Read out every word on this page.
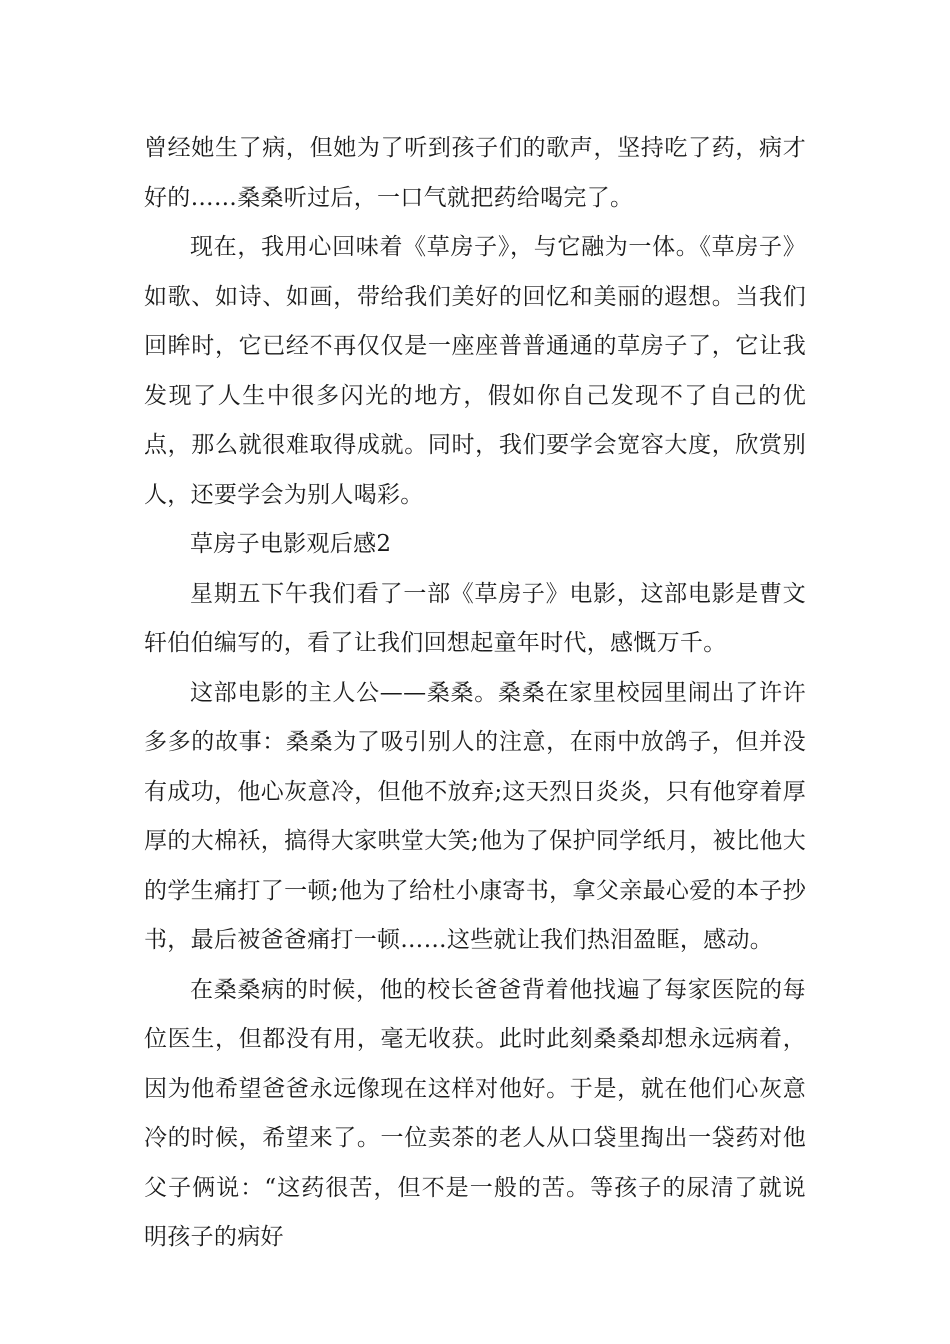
曾经她生了病，但她为了听到孩子们的歌声，坚持吃了药，病才好的……桑桑听过后，一口气就把药给喝完了。

现在，我用心回味着《草房子》，与它融为一体。《草房子》如歌、如诗、如画，带给我们美好的回忆和美丽的遐想。当我们回眸时，它已经不再仅仅是一座座普普通通的草房子了，它让我发现了人生中很多闪光的地方，假如你自己发现不了自己的优点，那么就很难取得成就。同时，我们要学会宽容大度，欣赏别人，还要学会为别人喝彩。

草房子电影观后感2

星期五下午我们看了一部《草房子》电影，这部电影是曹文轩伯伯编写的，看了让我们回想起童年时代，感慨万千。

这部电影的主人公——桑桑。桑桑在家里校园里闹出了许许多多的故事：桑桑为了吸引别人的注意，在雨中放鸽子，但并没有成功，他心灰意冷，但他不放弃;这天烈日炎炎，只有他穿着厚厚的大棉袄，搞得大家哄堂大笑;他为了保护同学纸月，被比他大的学生痛打了一顿;他为了给杜小康寄书，拿父亲最心爱的本子抄书，最后被爸爸痛打一顿……这些就让我们热泪盈眶，感动。

在桑桑病的时候，他的校长爸爸背着他找遍了每家医院的每位医生，但都没有用，毫无收获。此时此刻桑桑却想永远病着，因为他希望爸爸永远像现在这样对他好。于是，就在他们心灰意冷的时候，希望来了。一位卖茶的老人从口袋里掏出一袋药对他父子俩说：“这药很苦，但不是一般的苦。等孩子的尿清了就说明孩子的病好
